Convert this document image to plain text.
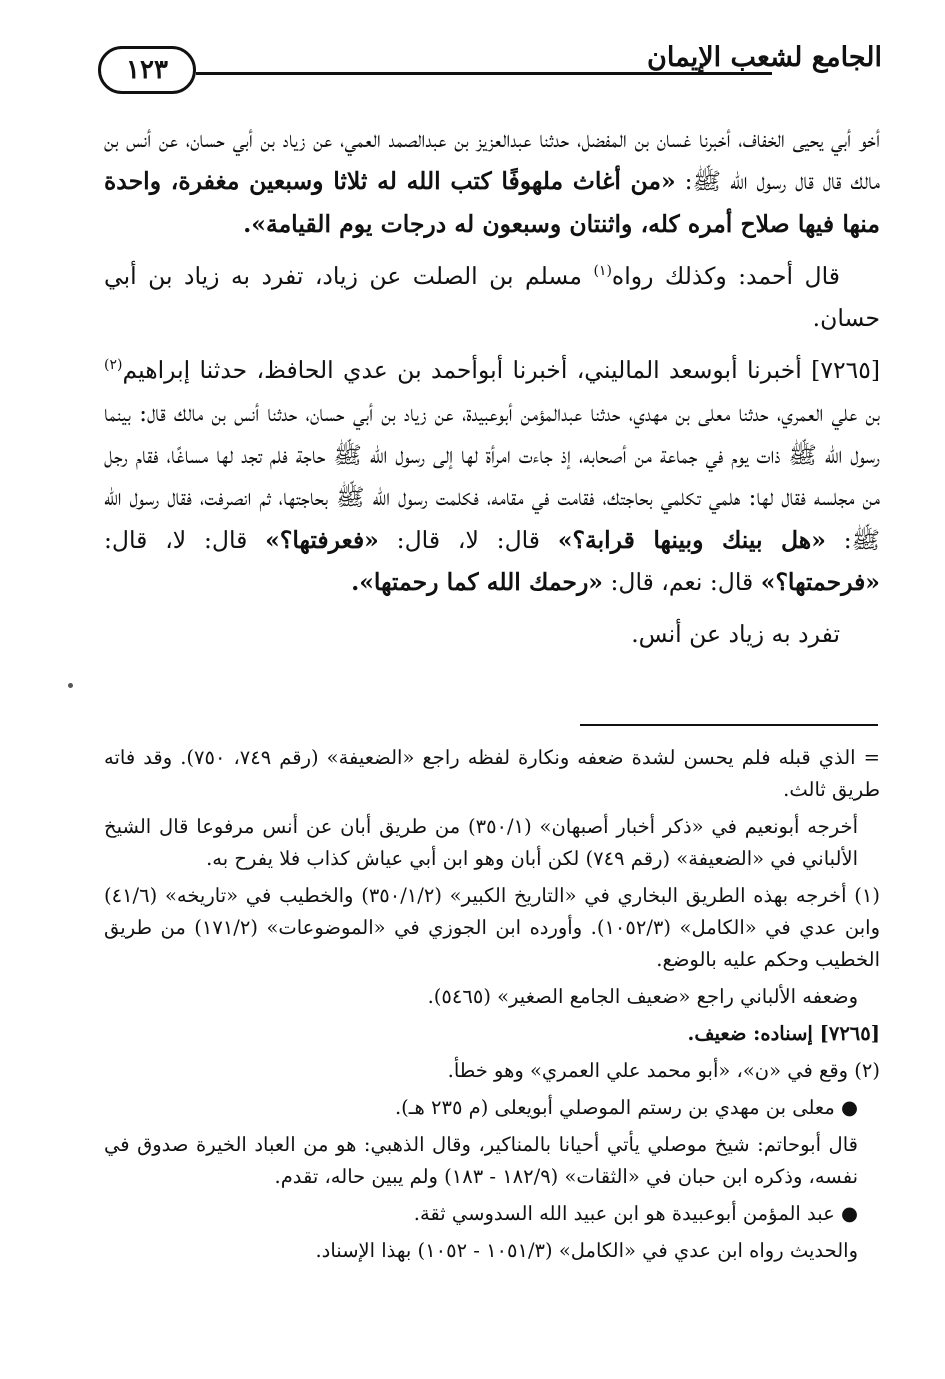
١٢٣	الجامع لشعب الإيمان

أخو أبي يحيى الخفاف، أخبرنا غسان بن المفضل، حدثنا عبدالعزيز بن عبدالصمد العمي، عن زياد بن أبي حسان، عن أنس بن مالك قال قال رسول الله ﷺ: «من أغاث ملهوفًا كتب الله له ثلاثا وسبعين مغفرة، واحدة منها فيها صلاح أمره كله، واثنتان وسبعون له درجات يوم القيامة».

قال أحمد: وكذلك رواه$^{(١)}$ مسلم بن الصلت عن زياد، تفرد به زياد بن أبي حسان.

[٧٢٦٥] أخبرنا أبوسعد الماليني، أخبرنا أبوأحمد بن عدي الحافظ، حدثنا إبراهيم$^{(٢)}$ بن علي العمري، حدثنا معلى بن مهدي، حدثنا عبدالمؤمن أبوعبيدة، عن زياد بن أبي حسان، حدثنا أنس بن مالك قال: بينما رسول الله ﷺ ذات يوم في جماعة من أصحابه، إذ جاءت امرأة لها إلى رسول الله ﷺ حاجة فلم تجد لها مساغًا، فقام رجل من مجلسه فقال لها: هلمي تكلمي بحاجتك، فقامت في مقامه، فكلمت رسول الله ﷺ بحاجتها، ثم انصرفت، فقال رسول الله ﷺ: «هل بينك وبينها قرابة؟» قال: لا، قال: «فعرفتها؟» قال: لا، قال: «فرحمتها؟» قال: نعم، قال: «رحمك الله كما رحمتها».

تفرد به زياد عن أنس.

= الذي قبله فلم يحسن لشدة ضعفه ونكارة لفظه راجع «الضعيفة» (رقم ٧٤٩، ٧٥٠). وقد فاته طريق ثالث.

أخرجه أبونعيم في «ذكر أخبار أصبهان» (٣٥٠/١) من طريق أبان عن أنس مرفوعا قال الشيخ الألباني في «الضعيفة» (رقم ٧٤٩) لكن أبان وهو ابن أبي عياش كذاب فلا يفرح به.

(١) أخرجه بهذه الطريق البخاري في «التاريخ الكبير» (٣٥٠/١/٢) والخطيب في «تاريخه» (٤١/٦) وابن عدي في «الكامل» (١٠٥٢/٣). وأورده ابن الجوزي في «الموضوعات» (١٧١/٢) من طريق الخطيب وحكم عليه بالوضع.

وضعفه الألباني راجع «ضعيف الجامع الصغير» (٥٤٦٥).

[٧٢٦٥] إسناده: ضعيف.

(٢) وقع في «ن»، «أبو محمد علي العمري» وهو خطأ.

● معلى بن مهدي بن رستم الموصلي أبويعلى (م ٢٣٥ هـ).

قال أبوحاتم: شيخ موصلي يأتي أحيانا بالمناكير، وقال الذهبي: هو من العباد الخيرة صدوق في نفسه، وذكره ابن حبان في «الثقات» (١٨٢/٩ - ١٨٣) ولم يبين حاله، تقدم.

● عبد المؤمن أبوعبيدة هو ابن عبيد الله السدوسي ثقة.

والحديث رواه ابن عدي في «الكامل» (١٠٥١/٣ - ١٠٥٢) بهذا الإسناد.
